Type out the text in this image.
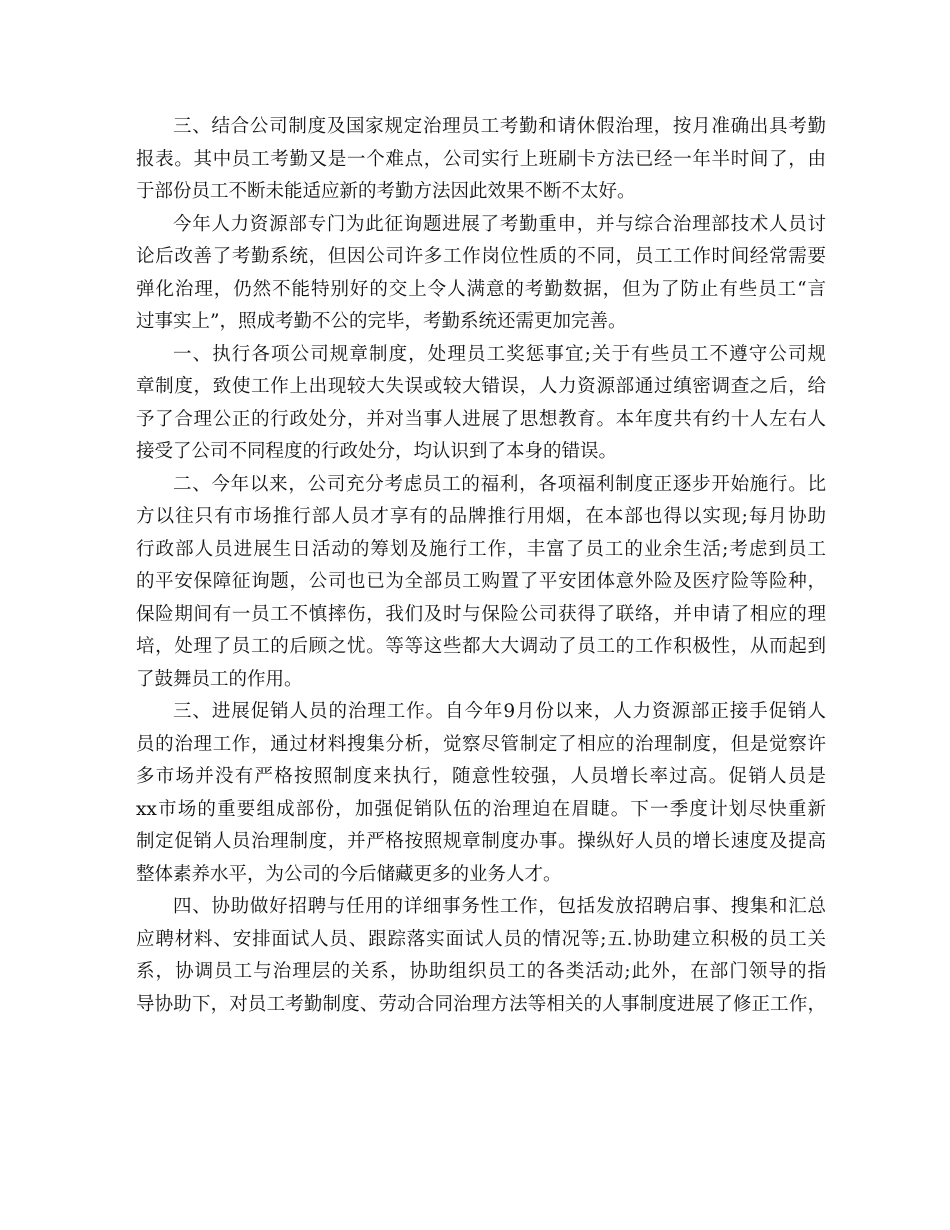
三、结合公司制度及国家规定治理员工考勤和请休假治理，按月准确出具考勤
报表。其中员工考勤又是一个难点，公司实行上班刷卡方法已经一年半时间了，由
于部份员工不断未能适应新的考勤方法因此效果不断不太好。

今年人力资源部专门为此征询题进展了考勤重申，并与综合治理部技术人员讨
论后改善了考勤系统，但因公司许多工作岗位性质的不同，员工工作时间经常需要
弹化治理，仍然不能特别好的交上令人满意的考勤数据，但为了防止有些员工“言
过事实上”，照成考勤不公的完毕，考勤系统还需更加完善。

一、执行各项公司规章制度，处理员工奖惩事宜;关于有些员工不遵守公司规
章制度，致使工作上出现较大失误或较大错误，人力资源部通过缜密调查之后，给
予了合理公正的行政处分，并对当事人进展了思想教育。本年度共有约十人左右人
接受了公司不同程度的行政处分，均认识到了本身的错误。

二、今年以来，公司充分考虑员工的福利，各项福利制度正逐步开始施行。比
方以往只有市场推行部人员才享有的品牌推行用烟，在本部也得以实现;每月协助
行政部人员进展生日活动的筹划及施行工作，丰富了员工的业余生活;考虑到员工
的平安保障征询题，公司也已为全部员工购置了平安团体意外险及医疗险等险种，
保险期间有一员工不慎摔伤，我们及时与保险公司获得了联络，并申请了相应的理
培，处理了员工的后顾之忧。等等这些都大大调动了员工的工作积极性，从而起到
了鼓舞员工的作用。

三、进展促销人员的治理工作。自今年9月份以来，人力资源部正接手促销人
员的治理工作，通过材料搜集分析，觉察尽管制定了相应的治理制度，但是觉察许
多市场并没有严格按照制度来执行，随意性较强，人员增长率过高。促销人员是
xx市场的重要组成部份，加强促销队伍的治理迫在眉睫。下一季度计划尽快重新
制定促销人员治理制度，并严格按照规章制度办事。操纵好人员的增长速度及提高
整体素养水平，为公司的今后储藏更多的业务人才。

四、协助做好招聘与任用的详细事务性工作，包括发放招聘启事、搜集和汇总
应聘材料、安排面试人员、跟踪落实面试人员的情况等;五.协助建立积极的员工关
系，协调员工与治理层的关系，协助组织员工的各类活动;此外，在部门领导的指
导协助下，对员工考勤制度、劳动合同治理方法等相关的人事制度进展了修正工作，
